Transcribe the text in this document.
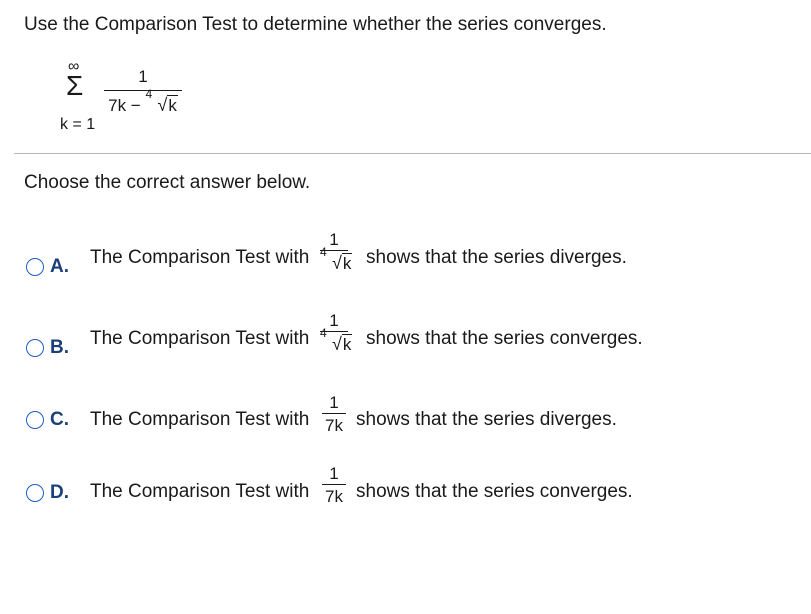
Use the Comparison Test to determine whether the series converges.
∞
Σ
k = 1
1
7k −
4
√k
Choose the correct answer below.
A. The Comparison Test with
1
4
√k shows that the series diverges.
B. The Comparison Test with
1
4
√k shows that the series converges.
C. The Comparison Test with
1
7k shows that the series diverges.
D. The Comparison Test with
1
7k shows that the series converges.
